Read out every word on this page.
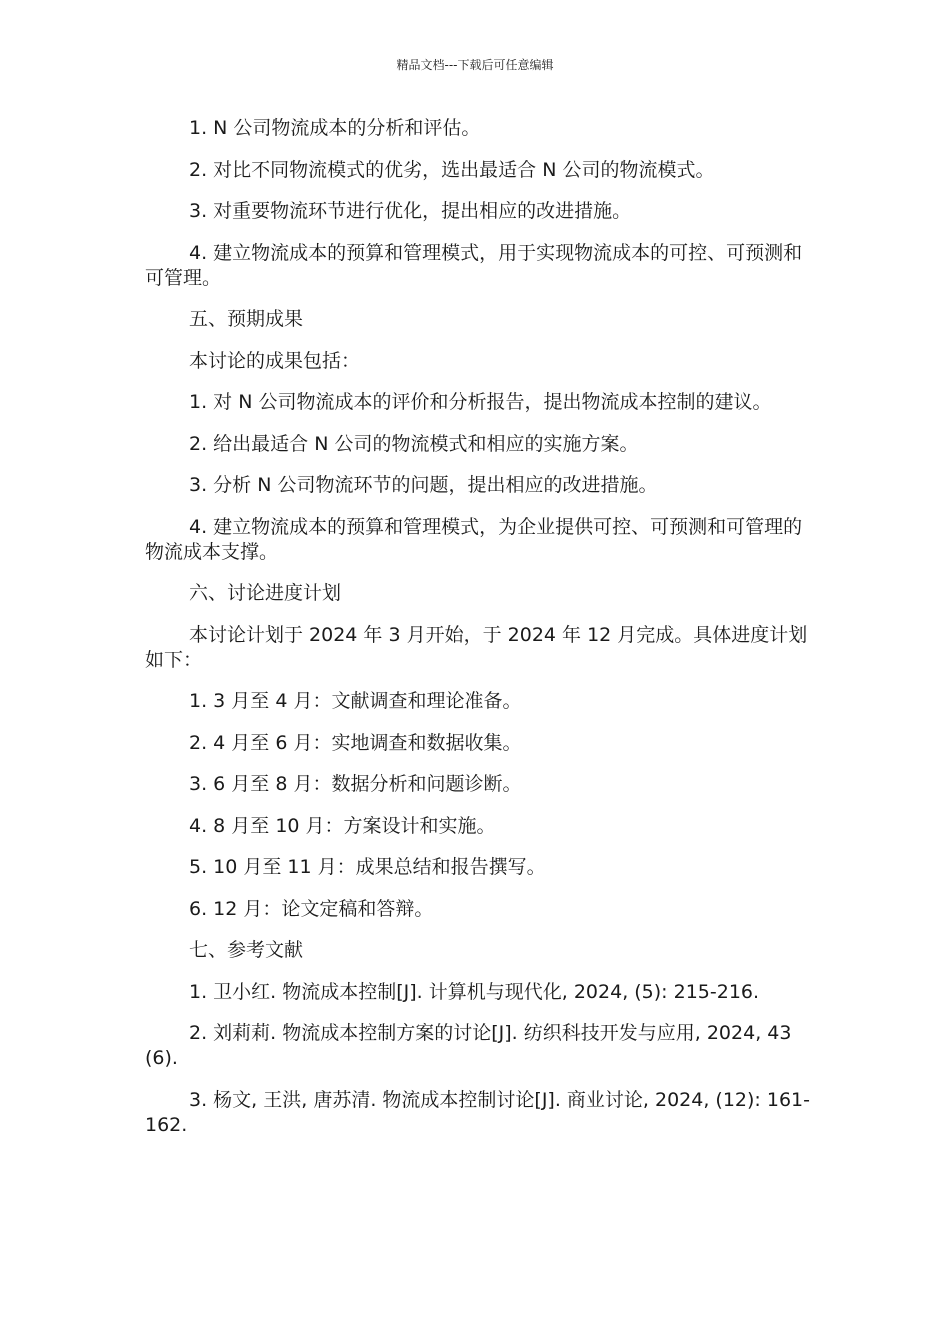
精品文档---下载后可任意编辑

1. N 公司物流成本的分析和评估。

2. 对比不同物流模式的优劣，选出最适合 N 公司的物流模式。

3. 对重要物流环节进行优化，提出相应的改进措施。

4. 建立物流成本的预算和管理模式，用于实现物流成本的可控、可预测和可管理。

五、预期成果

本讨论的成果包括：

1. 对 N 公司物流成本的评价和分析报告，提出物流成本控制的建议。

2. 给出最适合 N 公司的物流模式和相应的实施方案。

3. 分析 N 公司物流环节的问题，提出相应的改进措施。

4. 建立物流成本的预算和管理模式，为企业提供可控、可预测和可管理的物流成本支撑。

六、讨论进度计划

本讨论计划于 2024 年 3 月开始，于 2024 年 12 月完成。具体进度计划如下：

1. 3 月至 4 月：文献调查和理论准备。

2. 4 月至 6 月：实地调查和数据收集。

3. 6 月至 8 月：数据分析和问题诊断。

4. 8 月至 10 月：方案设计和实施。

5. 10 月至 11 月：成果总结和报告撰写。

6. 12 月：论文定稿和答辩。

七、参考文献

1. 卫小红. 物流成本控制[J]. 计算机与现代化, 2024, (5): 215-216.

2. 刘莉莉. 物流成本控制方案的讨论[J]. 纺织科技开发与应用, 2024, 43(6).

3. 杨文, 王洪, 唐苏清. 物流成本控制讨论[J]. 商业讨论, 2024, (12): 161-162.
